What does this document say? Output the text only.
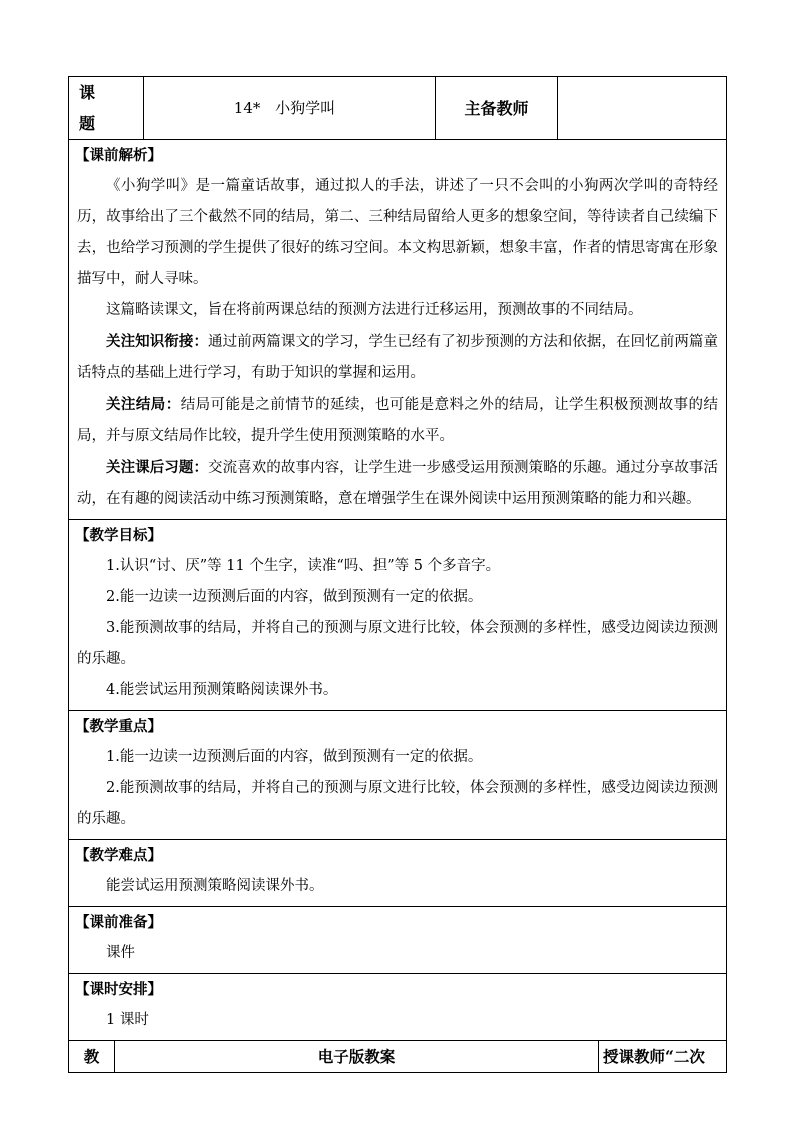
课 题	14* 小狗学叫	主备教师	

【课前解析】

《小狗学叫》是一篇童话故事，通过拟人的手法，讲述了一只不会叫的小狗两次学叫的奇特经历，故事给出了三个截然不同的结局，第二、三种结局留给人更多的想象空间，等待读者自己续编下去，也给学习预测的学生提供了很好的练习空间。本文构思新颖，想象丰富，作者的情思寄寓在形象描写中，耐人寻味。

这篇略读课文，旨在将前两课总结的预测方法进行迁移运用，预测故事的不同结局。

关注知识衔接：通过前两篇课文的学习，学生已经有了初步预测的方法和依据，在回忆前两篇童话特点的基础上进行学习，有助于知识的掌握和运用。

关注结局：结局可能是之前情节的延续，也可能是意料之外的结局，让学生积极预测故事的结局，并与原文结局作比较，提升学生使用预测策略的水平。

关注课后习题：交流喜欢的故事内容，让学生进一步感受运用预测策略的乐趣。通过分享故事活动，在有趣的阅读活动中练习预测策略，意在增强学生在课外阅读中运用预测策略的能力和兴趣。

【教学目标】

1.认识“讨、厌”等 11 个生字，读准“吗、担”等 5 个多音字。

2.能一边读一边预测后面的内容，做到预测有一定的依据。

3.能预测故事的结局，并将自己的预测与原文进行比较，体会预测的多样性，感受边阅读边预测的乐趣。

4.能尝试运用预测策略阅读课外书。

【教学重点】

1.能一边读一边预测后面的内容，做到预测有一定的依据。

2.能预测故事的结局，并将自己的预测与原文进行比较，体会预测的多样性，感受边阅读边预测的乐趣。

【教学难点】

能尝试运用预测策略阅读课外书。

【课前准备】

课件

【课时安排】

1 课时

教	电子版教案	授课教师“二次
